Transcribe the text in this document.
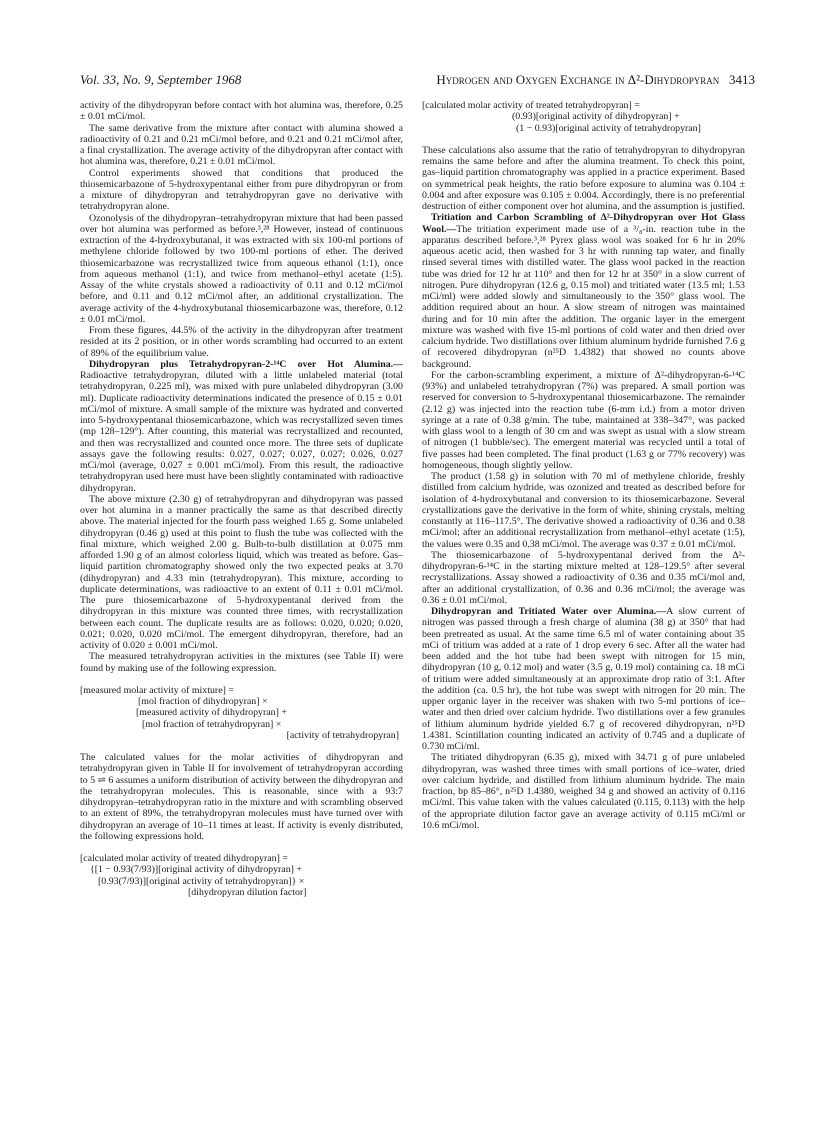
Vol. 33, No. 9, September 1968	Hydrogen and Oxygen Exchange in Δ²-Dihydropyran 3413

activity of the dihydropyran before contact with hot alumina was, therefore, 0.25 ± 0.01 mCi/mol.

The same derivative from the mixture after contact with alumina showed a radioactivity of 0.21 and 0.21 mCi/mol before, and 0.21 and 0.21 mCi/mol after, a final crystallization. The average activity of the dihydropyran after contact with hot alumina was, therefore, 0.21 ± 0.01 mCi/mol.

Control experiments showed that conditions that produced the thiosemicarbazone of 5-hydroxypentanal either from pure dihydropyran or from a mixture of dihydropyran and tetrahydropyran gave no derivative with tetrahydropyran alone.

Ozonolysis of the dihydropyran–tetrahydropyran mixture that had been passed over hot alumina was performed as before.³,²⁸ However, instead of continuous extraction of the 4-hydroxybutanal, it was extracted with six 100-ml portions of methylene chloride followed by two 100-ml portions of ether. The derived thiosemicarbazone was recrystallized twice from aqueous ethanol (1:1), once from aqueous methanol (1:1), and twice from methanol–ethyl acetate (1:5). Assay of the white crystals showed a radioactivity of 0.11 and 0.12 mCi/mol before, and 0.11 and 0.12 mCi/mol after, an additional crystallization. The average activity of the 4-hydroxybutanal thiosemicarbazone was, therefore, 0.12 ± 0.01 mCi/mol.

From these figures, 44.5% of the activity in the dihydropyran after treatment resided at its 2 position, or in other words scrambling had occurred to an extent of 89% of the equilibrium value.

Dihydropyran plus Tetrahydropyran-2-¹⁴C over Hot Alumina.—Radioactive tetrahydropyran, diluted with a little unlabeled material (total tetrahydropyran, 0.225 ml), was mixed with pure unlabeled dihydropyran (3.00 ml). Duplicate radioactivity determinations indicated the presence of 0.15 ± 0.01 mCi/mol of mixture. A small sample of the mixture was hydrated and converted into 5-hydroxypentanal thiosemicarbazone, which was recrystallized seven times (mp 128–129°). After counting, this material was recrystallized and recounted, and then was recrystallized and counted once more. The three sets of duplicate assays gave the following results: 0.027, 0.027; 0.027, 0.027; 0.026, 0.027 mCi/mol (average, 0.027 ± 0.001 mCi/mol). From this result, the radioactive tetrahydropyran used here must have been slightly contaminated with radioactive dihydropyran.

The above mixture (2.30 g) of tetrahydropyran and dihydropyran was passed over hot alumina in a manner practically the same as that described directly above. The material injected for the fourth pass weighed 1.65 g. Some unlabeled dihydropyran (0.46 g) used at this point to flush the tube was collected with the final mixture, which weighed 2.00 g. Bulb-to-bulb distillation at 0.075 mm afforded 1.90 g of an almost colorless liquid, which was treated as before. Gas–liquid partition chromatography showed only the two expected peaks at 3.70 (dihydropyran) and 4.33 min (tetrahydropyran). This mixture, according to duplicate determinations, was radioactive to an extent of 0.11 ± 0.01 mCi/mol. The pure thiosemicarbazone of 5-hydroxypentanal derived from the dihydropyran in this mixture was counted three times, with recrystallization between each count. The duplicate results are as follows: 0.020, 0.020; 0.020, 0.021; 0.020, 0.020 mCi/mol. The emergent dihydropyran, therefore, had an activity of 0.020 ± 0.001 mCi/mol.

The measured tetrahydropyran activities in the mixtures (see Table II) were found by making use of the following expression.

[measured molar activity of mixture] =
[mol fraction of dihydropyran] ×
[measured activity of dihydropyran] +
[mol fraction of tetrahydropyran] ×
[activity of tetrahydropyran]

The calculated values for the molar activities of dihydropyran and tetrahydropyran given in Table II for involvement of tetrahydropyran according to 5 ⇌ 6 assumes a uniform distribution of activity between the dihydropyran and the tetrahydropyran molecules. This is reasonable, since with a 93:7 dihydropyran–tetrahydropyran ratio in the mixture and with scrambling observed to an extent of 89%, the tetrahydropyran molecules must have turned over with dihydropyran an average of 10–11 times at least. If activity is evenly distributed, the following expressions hold.

[calculated molar activity of treated dihydropyran] =
{[1 − 0.93(7/93)][original activity of dihydropyran] +
[0.93(7/93)][original activity of tetrahydropyran]} ×
[dihydropyran dilution factor]
[calculated molar activity of treated tetrahydropyran] =
(0.93)[original activity of dihydropyran] +
(1 − 0.93)[original activity of tetrahydropyran]

These calculations also assume that the ratio of tetrahydropyran to dihydropyran remains the same before and after the alumina treatment. To check this point, gas–liquid partition chromatography was applied in a practice experiment. Based on symmetrical peak heights, the ratio before exposure to alumina was 0.104 ± 0.004 and after exposure was 0.105 ± 0.004. Accordingly, there is no preferential destruction of either component over hot alumina, and the assumption is justified.

Tritiation and Carbon Scrambling of Δ²-Dihydropyran over Hot Glass Wool.—The tritiation experiment made use of a ³/₈-in. reaction tube in the apparatus described before.³,²⁸ Pyrex glass wool was soaked for 6 hr in 20% aqueous acetic acid, then washed for 3 hr with running tap water, and finally rinsed several times with distilled water. The glass wool packed in the reaction tube was dried for 12 hr at 110° and then for 12 hr at 350° in a slow current of nitrogen. Pure dihydropyran (12.6 g, 0.15 mol) and tritiated water (13.5 ml; 1.53 mCi/ml) were added slowly and simultaneously to the 350° glass wool. The addition required about an hour. A slow stream of nitrogen was maintained during and for 10 min after the addition. The organic layer in the emergent mixture was washed with five 15-ml portions of cold water and then dried over calcium hydride. Two distillations over lithium aluminum hydride furnished 7.6 g of recovered dihydropyran (n²⁵D 1.4382) that showed no counts above background.

For the carbon-scrambling experiment, a mixture of Δ²-dihydropyran-6-¹⁴C (93%) and unlabeled tetrahydropyran (7%) was prepared. A small portion was reserved for conversion to 5-hydroxypentanal thiosemicarbazone. The remainder (2.12 g) was injected into the reaction tube (6-mm i.d.) from a motor driven syringe at a rate of 0.38 g/min. The tube, maintained at 338–347°, was packed with glass wool to a length of 30 cm and was swept as usual with a slow stream of nitrogen (1 bubble/sec). The emergent material was recycled until a total of five passes had been completed. The final product (1.63 g or 77% recovery) was homogeneous, though slightly yellow.

The product (1.58 g) in solution with 70 ml of methylene chloride, freshly distilled from calcium hydride, was ozonized and treated as described before for isolation of 4-hydroxybutanal and conversion to its thiosemicarbazone. Several crystallizations gave the derivative in the form of white, shining crystals, melting constantly at 116–117.5°. The derivative showed a radioactivity of 0.36 and 0.38 mCi/mol; after an additional recrystallization from methanol–ethyl acetate (1:5), the values were 0.35 and 0.38 mCi/mol. The average was 0.37 ± 0.01 mCi/mol.

The thiosemicarbazone of 5-hydroxypentanal derived from the Δ²-dihydropyran-6-¹⁴C in the starting mixture melted at 128–129.5° after several recrystallizations. Assay showed a radioactivity of 0.36 and 0.35 mCi/mol and, after an additional crystallization, of 0.36 and 0.36 mCi/mol; the average was 0.36 ± 0.01 mCi/mol.

Dihydropyran and Tritiated Water over Alumina.—A slow current of nitrogen was passed through a fresh charge of alumina (38 g) at 350° that had been pretreated as usual. At the same time 6.5 ml of water containing about 35 mCi of tritium was added at a rate of 1 drop every 6 sec. After all the water had been added and the hot tube had been swept with nitrogen for 15 min, dihydropyran (10 g, 0.12 mol) and water (3.5 g, 0.19 mol) containing ca. 18 mCi of tritium were added simultaneously at an approximate drop ratio of 3:1. After the addition (ca. 0.5 hr), the hot tube was swept with nitrogen for 20 min. The upper organic layer in the receiver was shaken with two 5-ml portions of ice–water and then dried over calcium hydride. Two distillations over a few granules of lithium aluminum hydride yielded 6.7 g of recovered dihydropyran, n²⁵D 1.4381. Scintillation counting indicated an activity of 0.745 and a duplicate of 0.730 mCi/ml.

The tritiated dihydropyran (6.35 g), mixed with 34.71 g of pure unlabeled dihydropyran, was washed three times with small portions of ice–water, dried over calcium hydride, and distilled from lithium aluminum hydride. The main fraction, bp 85–86°, n²⁵D 1.4380, weighed 34 g and showed an activity of 0.116 mCi/ml. This value taken with the values calculated (0.115, 0.113) with the help of the appropriate dilution factor gave an average activity of 0.115 mCi/ml or 10.6 mCi/mol.
